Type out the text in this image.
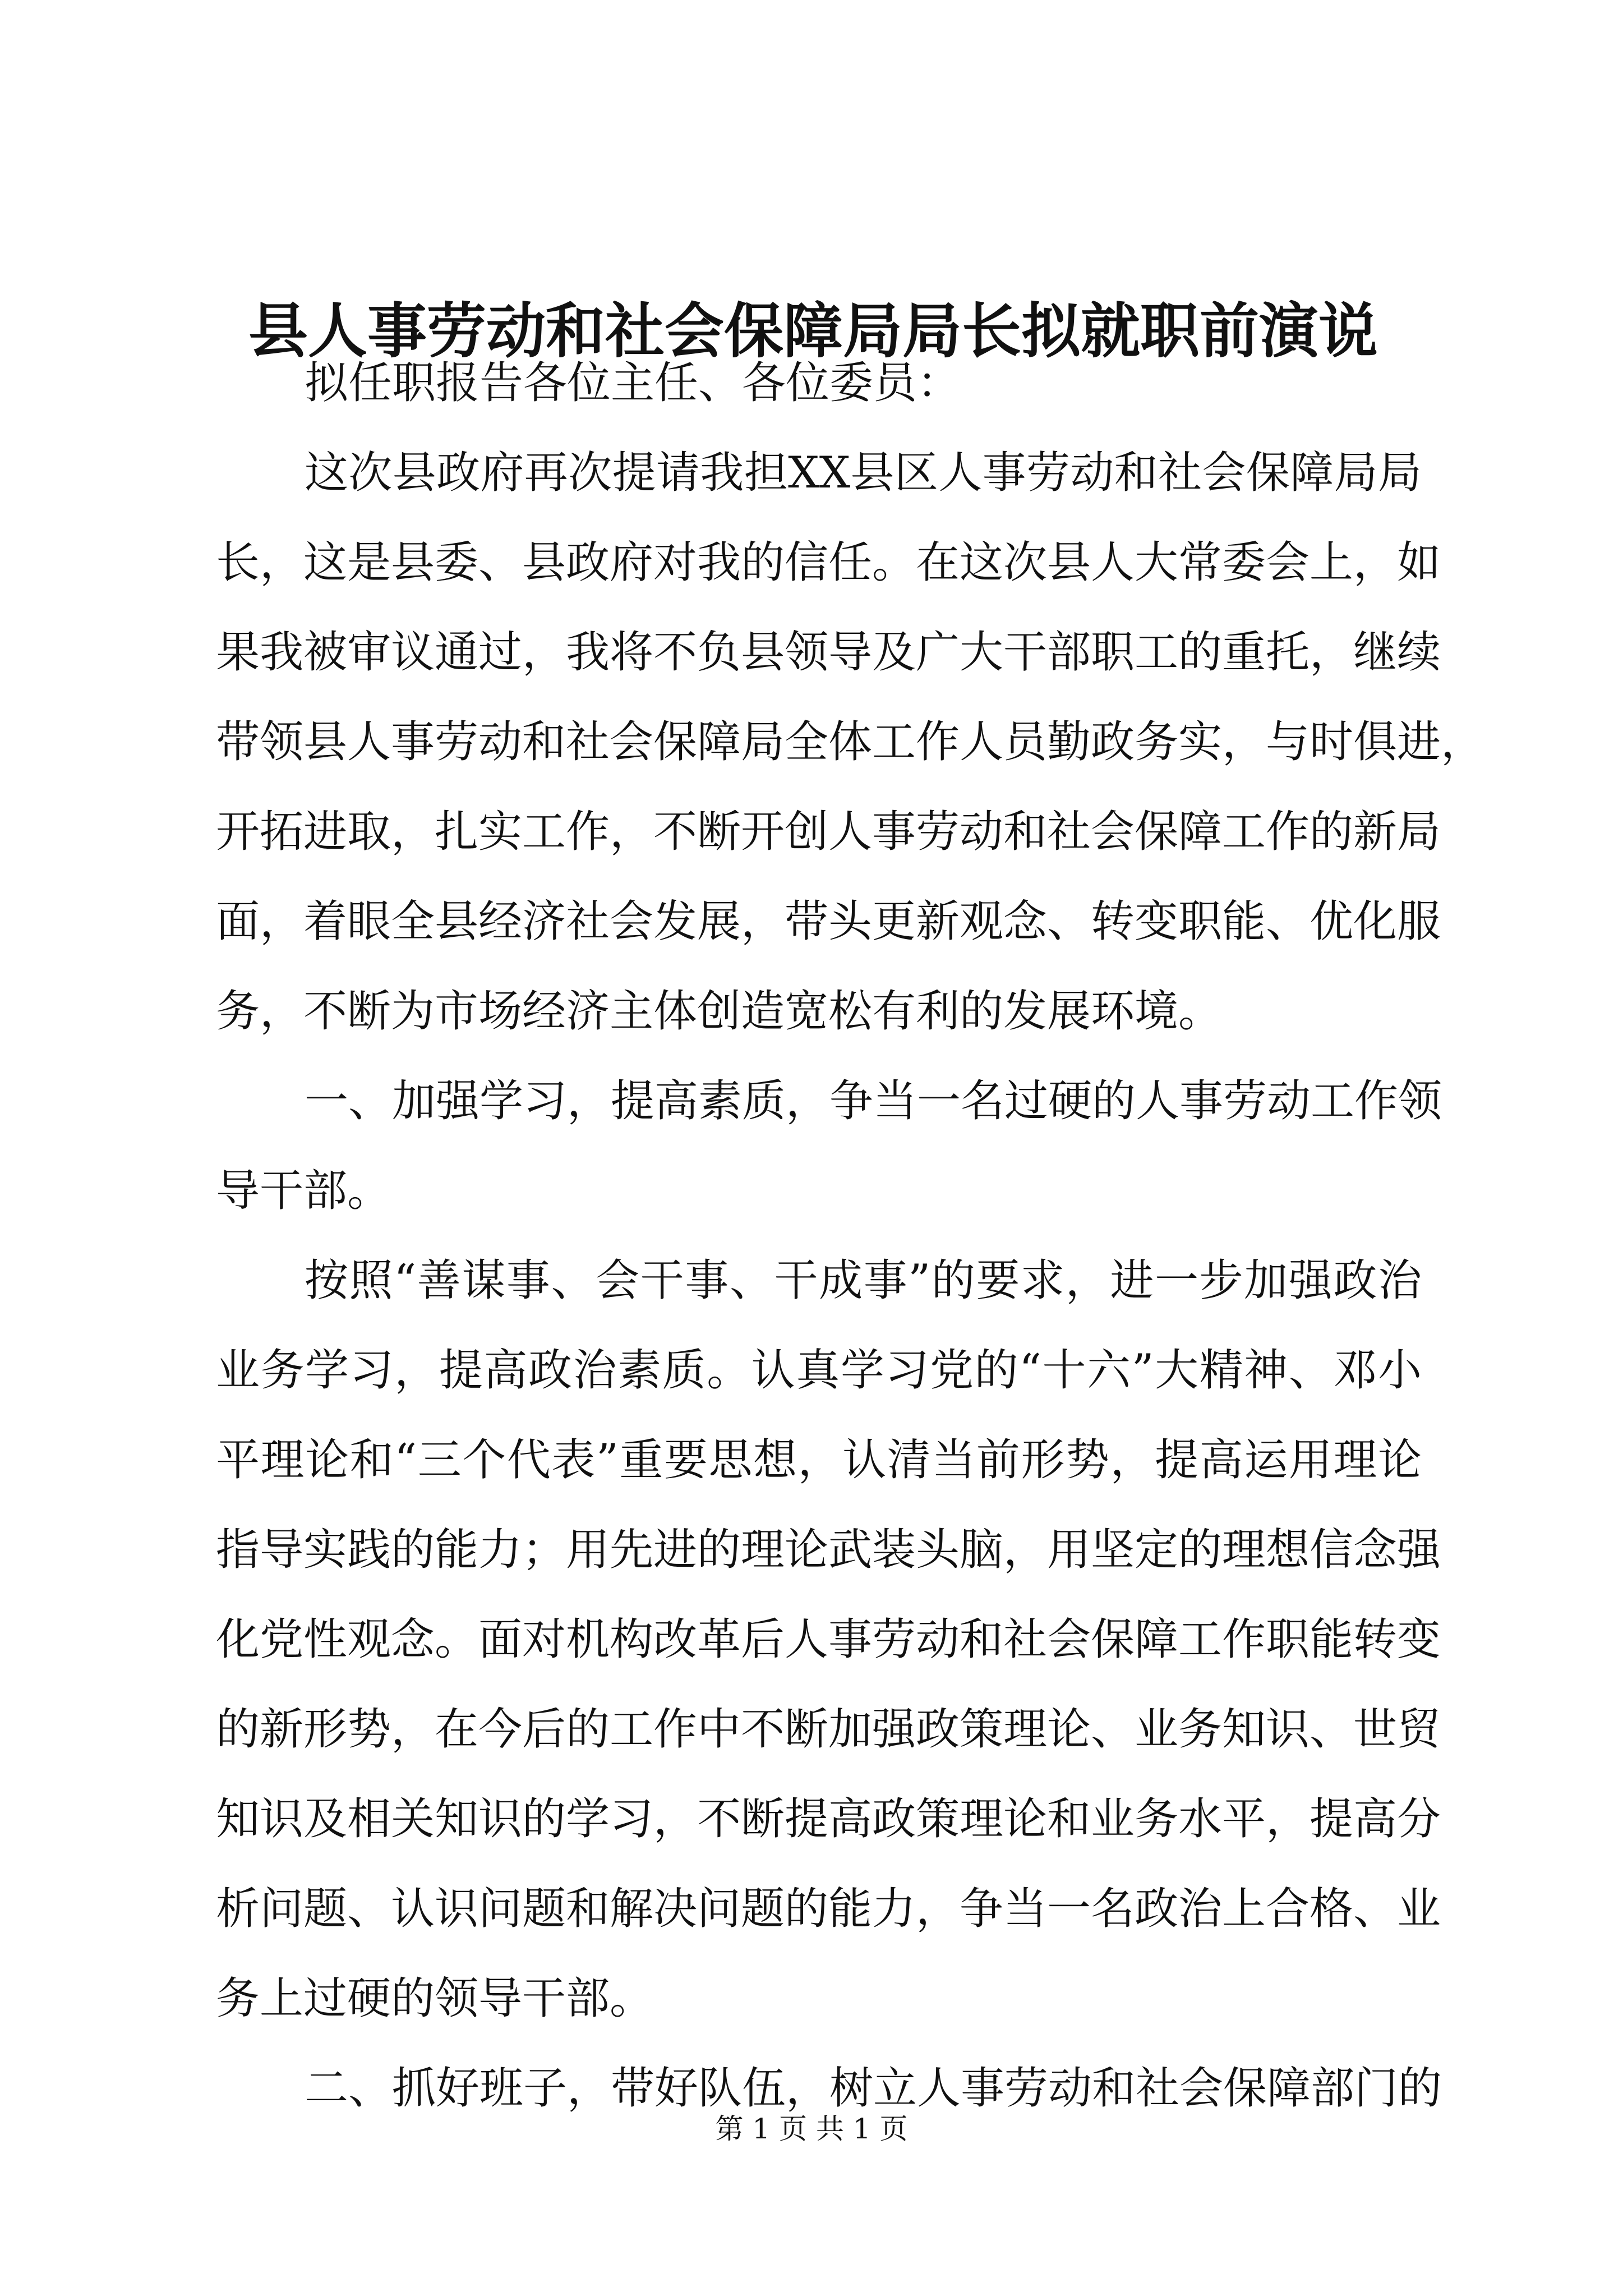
县人事劳动和社会保障局局长拟就职前演说
拟任职报告各位主任、各位委员：
这次县政府再次提请我担XX县区人事劳动和社会保障局局
长，这是县委、县政府对我的信任。在这次县人大常委会上，如
果我被审议通过，我将不负县领导及广大干部职工的重托，继续
带领县人事劳动和社会保障局全体工作人员勤政务实，与时俱进，
开拓进取，扎实工作，不断开创人事劳动和社会保障工作的新局
面，着眼全县经济社会发展，带头更新观念、转变职能、优化服
务，不断为市场经济主体创造宽松有利的发展环境。
一、加强学习，提高素质，争当一名过硬的人事劳动工作领
导干部。
按照“善谋事、会干事、干成事”的要求，进一步加强政治
业务学习，提高政治素质。认真学习党的“十六”大精神、邓小
平理论和“三个代表”重要思想，认清当前形势，提高运用理论
指导实践的能力；用先进的理论武装头脑，用坚定的理想信念强
化党性观念。面对机构改革后人事劳动和社会保障工作职能转变
的新形势，在今后的工作中不断加强政策理论、业务知识、世贸
知识及相关知识的学习，不断提高政策理论和业务水平，提高分
析问题、认识问题和解决问题的能力，争当一名政治上合格、业
务上过硬的领导干部。
二、抓好班子，带好队伍，树立人事劳动和社会保障部门的
第 1 页 共 1 页
